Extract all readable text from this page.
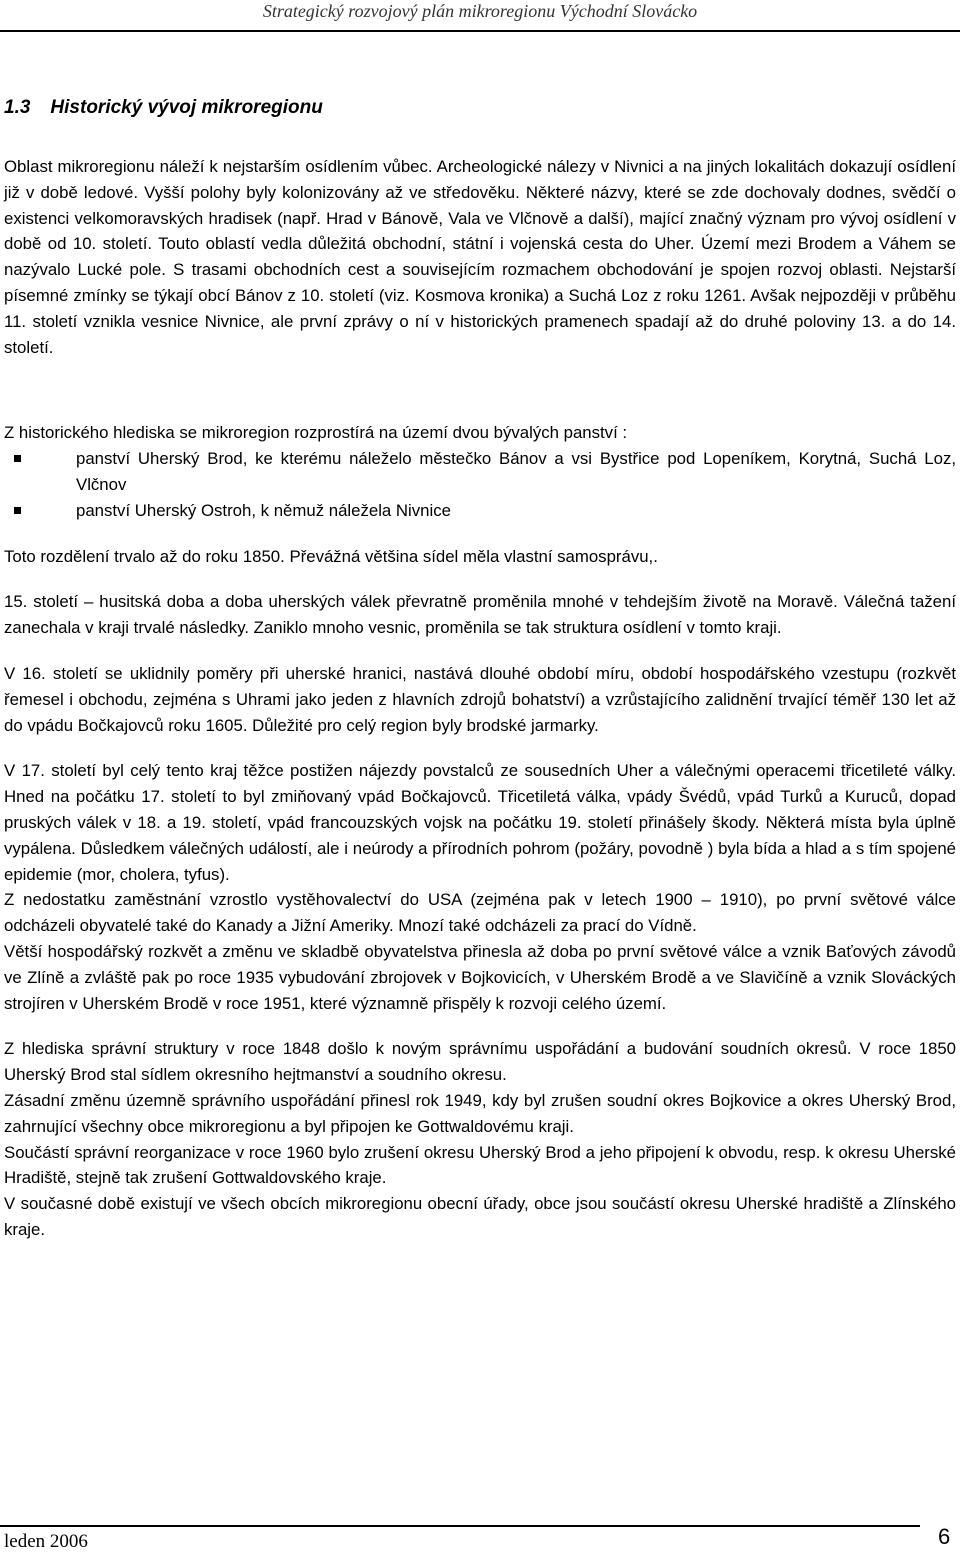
Strategický rozvojový plán mikroregionu Východní Slovácko
1.3 Historický vývoj mikroregionu

Oblast mikroregionu náleží k nejstarším osídlením vůbec. Archeologické nálezy v Nivnici a na jiných lokalitách dokazují osídlení již v době ledové. Vyšší polohy byly kolonizovány až ve středověku. Některé názvy, které se zde dochovaly dodnes, svědčí o existenci velkomoravských hradisek (např. Hrad v Bánově, Vala ve Vlčnově a další), mající značný význam pro vývoj osídlení v době od 10. století. Touto oblastí vedla důležitá obchodní, státní i vojenská cesta do Uher. Území mezi Brodem a Váhem se nazývalo Lucké pole. S trasami obchodních cest a souvisejícím rozmachem obchodování je spojen rozvoj oblasti. Nejstarší písemné zmínky se týkají obcí Bánov z 10. století (viz. Kosmova kronika) a Suchá Loz z roku 1261. Avšak nejpozději v průběhu 11. století vznikla vesnice Nivnice, ale první zprávy o ní v historických pramenech spadají až do druhé poloviny 13. a do 14. století.

Z historického hlediska se mikroregion rozprostírá na území dvou bývalých panství :

panství Uherský Brod, ke kterému náleželo městečko Bánov a vsi Bystřice pod Lopeníkem, Korytná, Suchá Loz, Vlčnov
panství Uherský Ostroh, k němuž náležela Nivnice

Toto rozdělení trvalo až do roku 1850. Převážná většina sídel měla vlastní samosprávu,.

15. století – husitská doba a doba uherských válek převratně proměnila mnohé v tehdejším životě na Moravě. Válečná tažení zanechala v kraji trvalé následky. Zaniklo mnoho vesnic, proměnila se tak struktura osídlení v tomto kraji.

V 16. století se uklidnily poměry při uherské hranici, nastává dlouhé období míru, období hospodářského vzestupu (rozkvět řemesel i obchodu, zejména s Uhrami jako jeden z hlavních zdrojů bohatství) a vzrůstajícího zalidnění trvající téměř 130 let až do vpádu Bočkajovců roku 1605. Důležité pro celý region byly brodské jarmarky.

V 17. století byl celý tento kraj těžce postižen nájezdy povstalců ze sousedních Uher a válečnými operacemi třicetileté války. Hned na počátku 17. století to byl zmiňovaný vpád Bočkajovců. Třicetiletá válka, vpády Švédů, vpád Turků a Kuruců, dopad pruských válek v 18. a 19. století, vpád francouzských vojsk na počátku 19. století přinášely škody. Některá místa byla úplně vypálena. Důsledkem válečných událostí, ale i neúrody a přírodních pohrom (požáry, povodně ) byla bída a hlad a s tím spojené epidemie (mor, cholera, tyfus).

Z nedostatku zaměstnání vzrostlo vystěhovalectví do USA (zejména pak v letech 1900 – 1910), po první světové válce odcházeli obyvatelé také do Kanady a Jižní Ameriky. Mnozí také odcházeli za prací do Vídně.

Větší hospodářský rozkvět a změnu ve skladbě obyvatelstva přinesla až doba po první světové válce a vznik Baťových závodů ve Zlíně a zvláště pak po roce 1935 vybudování zbrojovek v Bojkovicích, v Uherském Brodě a ve Slavičíně a vznik Slováckých strojíren v Uherském Brodě v roce 1951, které významně přispěly k rozvoji celého území.

Z hlediska správní struktury v roce 1848 došlo k novým správnímu uspořádání a budování soudních okresů. V roce 1850 Uherský Brod stal sídlem okresního hejtmanství a soudního okresu.

Zásadní změnu územně správního uspořádání přinesl rok 1949, kdy byl zrušen soudní okres Bojkovice a okres Uherský Brod, zahrnující všechny obce mikroregionu a byl připojen ke Gottwaldovému kraji.

Součástí správní reorganizace v roce 1960 bylo zrušení okresu Uherský Brod a jeho připojení k obvodu, resp. k okresu Uherské Hradiště, stejně tak zrušení Gottwaldovského kraje.

V současné době existují ve všech obcích mikroregionu obecní úřady, obce jsou součástí okresu Uherské hradiště a Zlínského kraje.

leden 2006	6
